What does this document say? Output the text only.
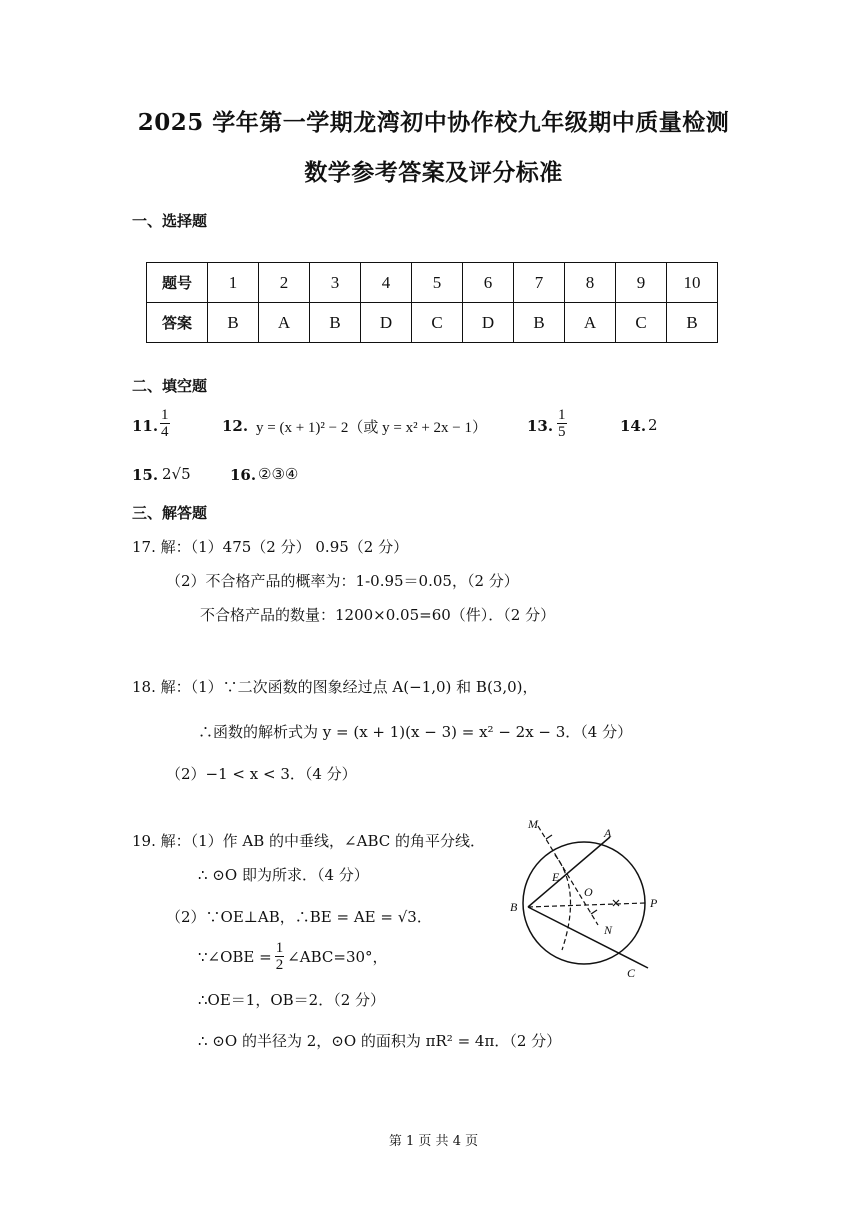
2025 学年第一学期龙湾初中协作校九年级期中质量检测
数学参考答案及评分标准
一、选择题
题号	1	2	3	4	5	6	7	8	9	10
答案	B	A	B	D	C	D	B	A	C	B
二、填空题
11. $\frac{1}{4}$	12. y = (x + 1)² − 2（或 y = x² + 2x − 1）	13. $\frac{1}{5}$	14. 2
15. 2√5	16. ②③④
三、解答题
17. 解：（1）475（2 分） 0.95（2 分）
（2）不合格产品的概率为：1-0.95＝0.05，（2 分）
不合格产品的数量：1200×0.05=60（件）．（2 分）
18. 解：（1）∵二次函数的图象经过点 A(−1,0) 和 B(3,0)，
∴函数的解析式为 y = (x + 1)(x − 3) = x² − 2x − 3．（4 分）
（2）−1 < x < 3．（4 分）
19. 解：（1）作 AB 的中垂线，∠ABC 的角平分线．
∴ ⊙O 即为所求．（4 分）
（2）∵OE⊥AB，∴BE = AE = √3．
∵∠OBE = $\frac{1}{2}$ ∠ABC=30°，
∴OE＝1，OB＝2．（2 分）
∴ ⊙O 的半径为 2，⊙O 的面积为 πR² = 4π．（2 分）
M
A
E
O
B	P
N
C
第 1 页 共 4 页
